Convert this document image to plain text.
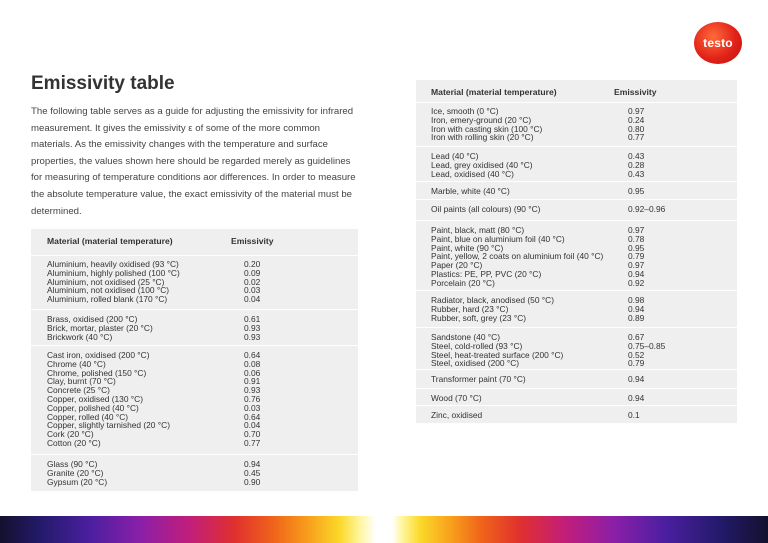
testo
Emissivity table

The following table serves as a guide for adjusting the emissivity for infrared measurement. It gives the emissivity ε of some of the more common materials. As the emissivity changes with the temperature and surface properties, the values shown here should be regarded merely as guidelines for measuring of temperature conditions aor differences. In order to measure the absolute temperature value, the exact emissivity of the material must be determined.

Material (material temperature)	Emissivity
Aluminium, heavily oxidised (93 °C)	0.20
Aluminium, highly polished (100 °C)	0.09
Aluminium, not oxidised (25 °C)	0.02
Aluminium, not oxidised (100 °C)	0.03
Aluminium, rolled blank (170 °C)	0.04
Brass, oxidised (200 °C)	0.61
Brick, mortar, plaster (20 °C)	0.93
Brickwork (40 °C)	0.93
Cast iron, oxidised (200 °C)	0.64
Chrome (40 °C)	0.08
Chrome, polished (150 °C)	0.06
Clay, burnt (70 °C)	0.91
Concrete (25 °C)	0.93
Copper, oxidised (130 °C)	0.76
Copper, polished (40 °C)	0.03
Copper, rolled (40 °C)	0.64
Copper, slightly tarnished (20 °C)	0.04
Cork (20 °C)	0.70
Cotton (20 °C)	0.77
Glass (90 °C)	0.94
Granite (20 °C)	0.45
Gypsum (20 °C)	0.90
Material (material temperature)	Emissivity
Ice, smooth (0 °C)	0.97
Iron, emery-ground (20 °C)	0.24
Iron with casting skin (100 °C)	0.80
Iron with rolling skin (20 °C)	0.77
Lead (40 °C)	0.43
Lead, grey oxidised (40 °C)	0.28
Lead, oxidised (40 °C)	0.43
Marble, white (40 °C)	0.95
Oil paints (all colours) (90 °C)	0.92–0.96
Paint, black, matt (80 °C)	0.97
Paint, blue on aluminium foil (40 °C)	0.78
Paint, white (90 °C)	0.95
Paint, yellow, 2 coats on aluminium foil (40 °C)	0.79
Paper (20 °C)	0.97
Plastics: PE, PP, PVC (20 °C)	0.94
Porcelain (20 °C)	0.92
Radiator, black, anodised (50 °C)	0.98
Rubber, hard (23 °C)	0.94
Rubber, soft, grey (23 °C)	0.89
Sandstone (40 °C)	0.67
Steel, cold-rolled (93 °C)	0.75–0.85
Steel, heat-treated surface (200 °C)	0.52
Steel, oxidised (200 °C)	0.79
Transformer paint (70 °C)	0.94
Wood (70 °C)	0.94
Zinc, oxidised	0.1
